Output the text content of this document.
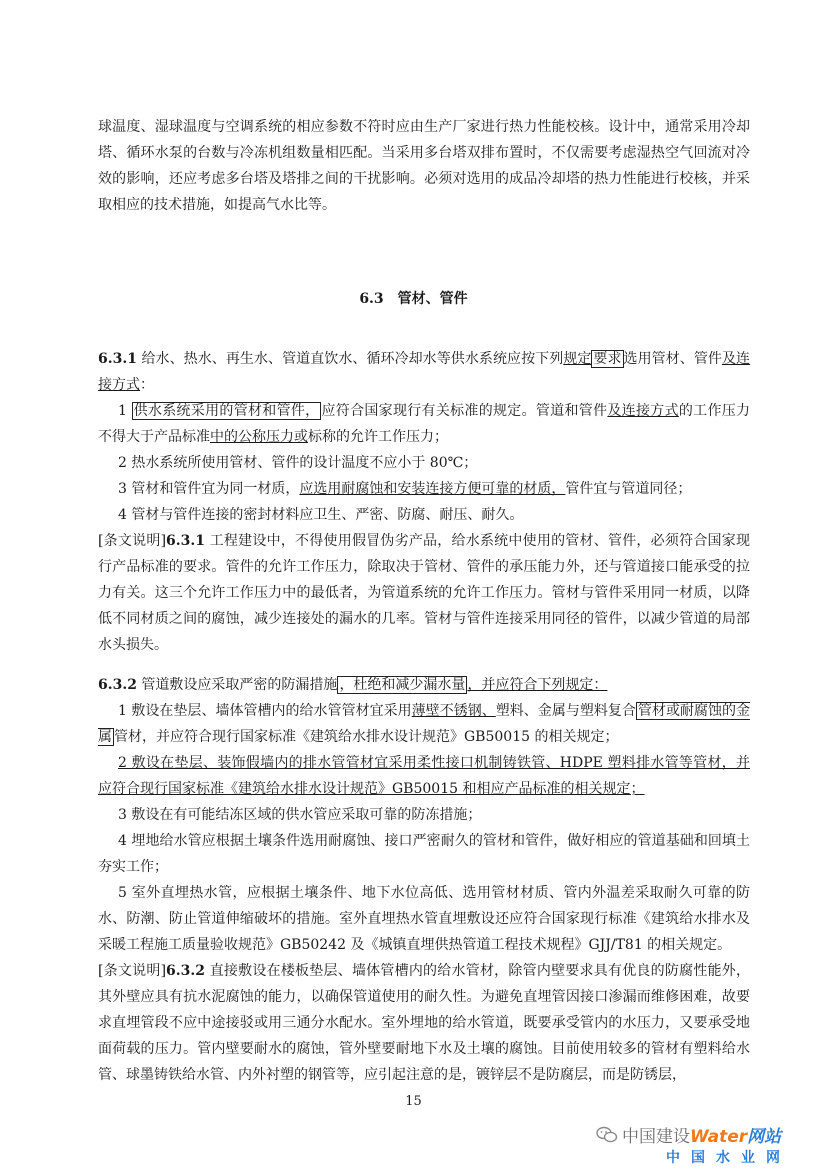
球温度、湿球温度与空调系统的相应参数不符时应由生产厂家进行热力性能校核。设计中，通常采用冷却塔、循环水泵的台数与冷冻机组数量相匹配。当采用多台塔双排布置时，不仅需要考虑湿热空气回流对冷效的影响，还应考虑多台塔及塔排之间的干扰影响。必须对选用的成品冷却塔的热力性能进行校核，并采取相应的技术措施，如提高气水比等。

6.3　管材、管件

6.3.1 给水、热水、再生水、管道直饮水、循环冷却水等供水系统应按下列规定 要求 选用管材、管件及连接方式：

1 供水系统采用的管材和管件， 应符合国家现行有关标准的规定。管道和管件及连接方式的工作压力不得大于产品标准中的公称压力或标称的允许工作压力；

2 热水系统所使用管材、管件的设计温度不应小于 80℃；

3 管材和管件宜为同一材质，应选用耐腐蚀和安装连接方便可靠的材质，管件宜与管道同径；

4 管材与管件连接的密封材料应卫生、严密、防腐、耐压、耐久。

[条文说明]6.3.1 工程建设中，不得使用假冒伪劣产品，给水系统中使用的管材、管件，必须符合国家现行产品标准的要求。管件的允许工作压力，除取决于管材、管件的承压能力外，还与管道接口能承受的拉力有关。这三个允许工作压力中的最低者，为管道系统的允许工作压力。管材与管件采用同一材质，以降低不同材质之间的腐蚀，减少连接处的漏水的几率。管材与管件连接采用同径的管件，以减少管道的局部水头损失。

6.3.2 管道敷设应采取严密的防漏措施 ，杜绝和减少漏水量 ，并应符合下列规定：

1 敷设在垫层、墙体管槽内的给水管管材宜采用薄壁不锈钢、塑料、金属与塑料复合 管材或耐腐蚀的金属 管材，并应符合现行国家标准《建筑给水排水设计规范》GB50015 的相关规定；

2 敷设在垫层、装饰假墙内的排水管管材宜采用柔性接口机制铸铁管、HDPE 塑料排水管等管材，并应符合现行国家标准《建筑给水排水设计规范》GB50015 和相应产品标准的相关规定；

3 敷设在有可能结冻区域的供水管应采取可靠的防冻措施；

4 埋地给水管应根据土壤条件选用耐腐蚀、接口严密耐久的管材和管件，做好相应的管道基础和回填土夯实工作；

5 室外直埋热水管，应根据土壤条件、地下水位高低、选用管材材质、管内外温差采取耐久可靠的防水、防潮、防止管道伸缩破坏的措施。室外直埋热水管直埋敷设还应符合国家现行标准《建筑给水排水及采暖工程施工质量验收规范》GB50242 及《城镇直埋供热管道工程技术规程》GJJ/T81 的相关规定。

[条文说明]6.3.2 直接敷设在楼板垫层、墙体管槽内的给水管材，除管内壁要求具有优良的防腐性能外，其外壁应具有抗水泥腐蚀的能力，以确保管道使用的耐久性。为避免直埋管因接口渗漏而维修困难，故要求直埋管段不应中途接驳或用三通分水配水。室外埋地的给水管道，既要承受管内的水压力，又要承受地面荷载的压力。管内壁要耐水的腐蚀，管外壁要耐地下水及土壤的腐蚀。目前使用较多的管材有塑料给水管、球墨铸铁给水管、内外衬塑的钢管等，应引起注意的是，镀锌层不是防腐层，而是防锈层，

15
中国建设Water网站
中国水业网
